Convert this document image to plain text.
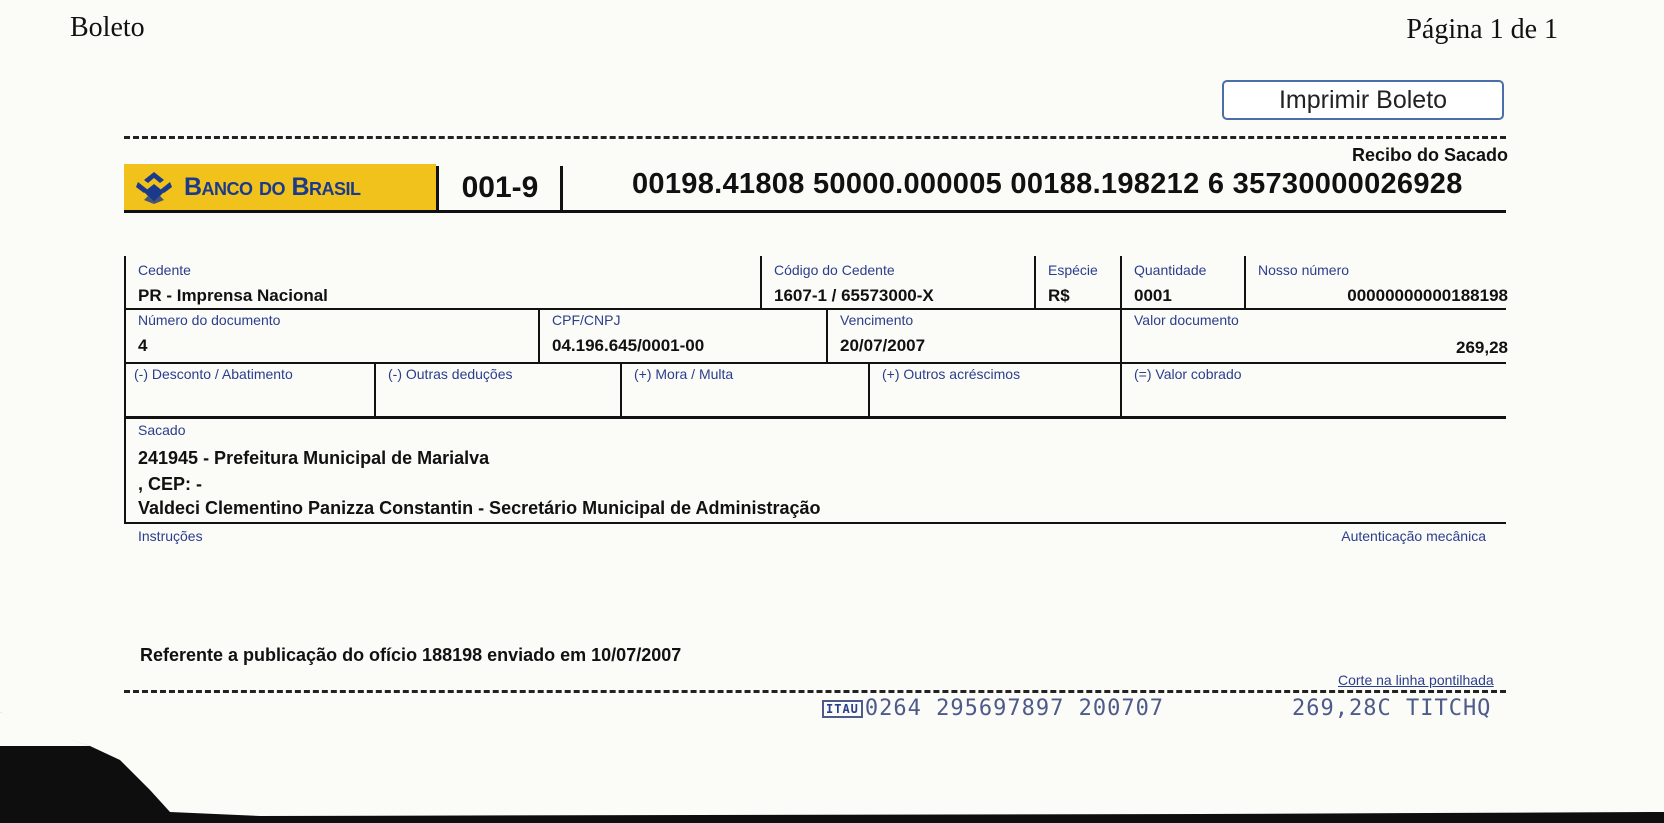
Boleto	Página 1 de 1
Imprimir Boleto
Recibo do Sacado
Banco do Brasil	001-9	00198.41808 50000.000005 00188.198212 6 35730000026928
Cedente
PR - Imprensa Nacional
Código do Cedente
1607-1 / 65573000-X
Espécie
R$
Quantidade
0001
Nosso número
00000000000188198
Número do documento
4
CPF/CNPJ
04.196.645/0001-00
Vencimento
20/07/2007
Valor documento
269,28
(-) Desconto / Abatimento	(-) Outras deduções	(+) Mora / Multa	(+) Outros acréscimos	(=) Valor cobrado
Sacado
241945 - Prefeitura Municipal de Marialva
, CEP: -
Valdeci Clementino Panizza Constantin - Secretário Municipal de Administração
Instruções	Autenticação mecânica
Referente a publicação do ofício 188198 enviado em 10/07/2007
Corte na linha pontilhada
ITAU 0264 295697897 200707	269,28C TITCHQ
